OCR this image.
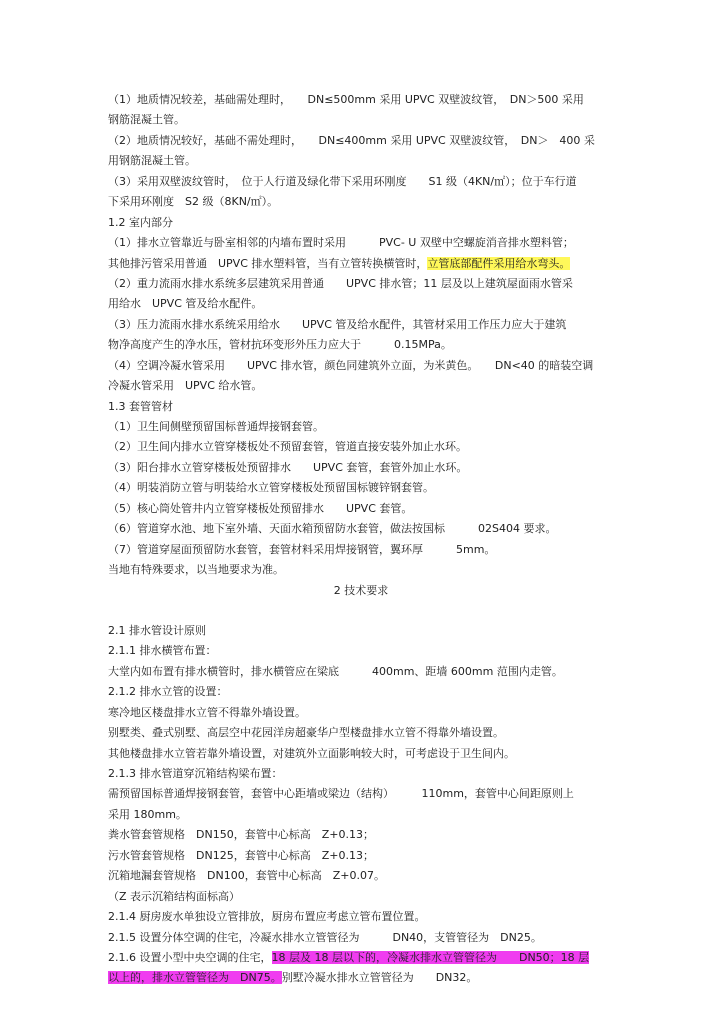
（1）地质情况较差，基础需处理时，　　DN≤500mm 采用 UPVC 双壁波纹管，　DN＞500 采用
钢筋混凝土管。
（2）地质情况较好，基础不需处理时，　　DN≤400mm 采用 UPVC 双壁波纹管，　DN＞　400 采
用钢筋混凝土管。
（3）采用双壁波纹管时，　位于人行道及绿化带下采用环刚度　　S1 级（4KN/㎡）；位于车行道
下采用环刚度　S2 级（8KN/㎡）。
1.2 室内部分
（1）排水立管靠近与卧室相邻的内墙布置时采用　　　PVC- U 双壁中空螺旋消音排水塑料管；
其他排污管采用普通　UPVC 排水塑料管，当有立管转换横管时，立管底部配件采用给水弯头。
（2）重力流雨水排水系统多层建筑采用普通　　UPVC 排水管；11 层及以上建筑屋面雨水管采
用给水　UPVC 管及给水配件。
（3）压力流雨水排水系统采用给水　　UPVC 管及给水配件，其管材采用工作压力应大于建筑
物净高度产生的净水压，管材抗环变形外压力应大于　　　0.15MPa。
（4）空调冷凝水管采用　　UPVC 排水管，颜色同建筑外立面，为米黄色。　　DN<40 的暗装空调
冷凝水管采用　UPVC 给水管。
1.3 套管管材
（1）卫生间侧壁预留国标普通焊接钢套管。
（2）卫生间内排水立管穿楼板处不预留套管，管道直接安装外加止水环。
（3）阳台排水立管穿楼板处预留排水　　UPVC 套管，套管外加止水环。
（4）明装消防立管与明装给水立管穿楼板处预留国标镀锌钢套管。
（5）核心筒处管井内立管穿楼板处预留排水　　UPVC 套管。
（6）管道穿水池、地下室外墙、天面水箱预留防水套管，做法按国标　　　02S404 要求。
（7）管道穿屋面预留防水套管，套管材料采用焊接钢管，翼环厚　　　5mm。
当地有特殊要求，以当地要求为准。
2 技术要求
2.1 排水管设计原则
2.1.1 排水横管布置：
大堂内如布置有排水横管时，排水横管应在梁底　　　400mm、距墙 600mm 范围内走管。
2.1.2 排水立管的设置：
寒冷地区楼盘排水立管不得靠外墙设置。
别墅类、叠式别墅、高层空中花园洋房超豪华户型楼盘排水立管不得靠外墙设置。
其他楼盘排水立管若靠外墙设置，对建筑外立面影响较大时，可考虑设于卫生间内。
2.1.3 排水管道穿沉箱结构梁布置：
需预留国标普通焊接钢套管，套管中心距墙或梁边（结构）　　　110mm，套管中心间距原则上
采用 180mm。
粪水管套管规格　DN150，套管中心标高　Z+0.13；
污水管套管规格　DN125，套管中心标高　Z+0.13；
沉箱地漏套管规格　DN100，套管中心标高　Z+0.07。
（Z 表示沉箱结构面标高）
2.1.4 厨房废水单独设立管排放，厨房布置应考虑立管布置位置。
2.1.5 设置分体空调的住宅，冷凝水排水立管管径为　　　DN40，支管管径为　DN25。
2.1.6 设置小型中央空调的住宅，18 层及 18 层以下的，冷凝水排水立管管径为　　DN50；18 层
以上的，排水立管管径为　DN75。别墅冷凝水排水立管管径为　　DN32。
